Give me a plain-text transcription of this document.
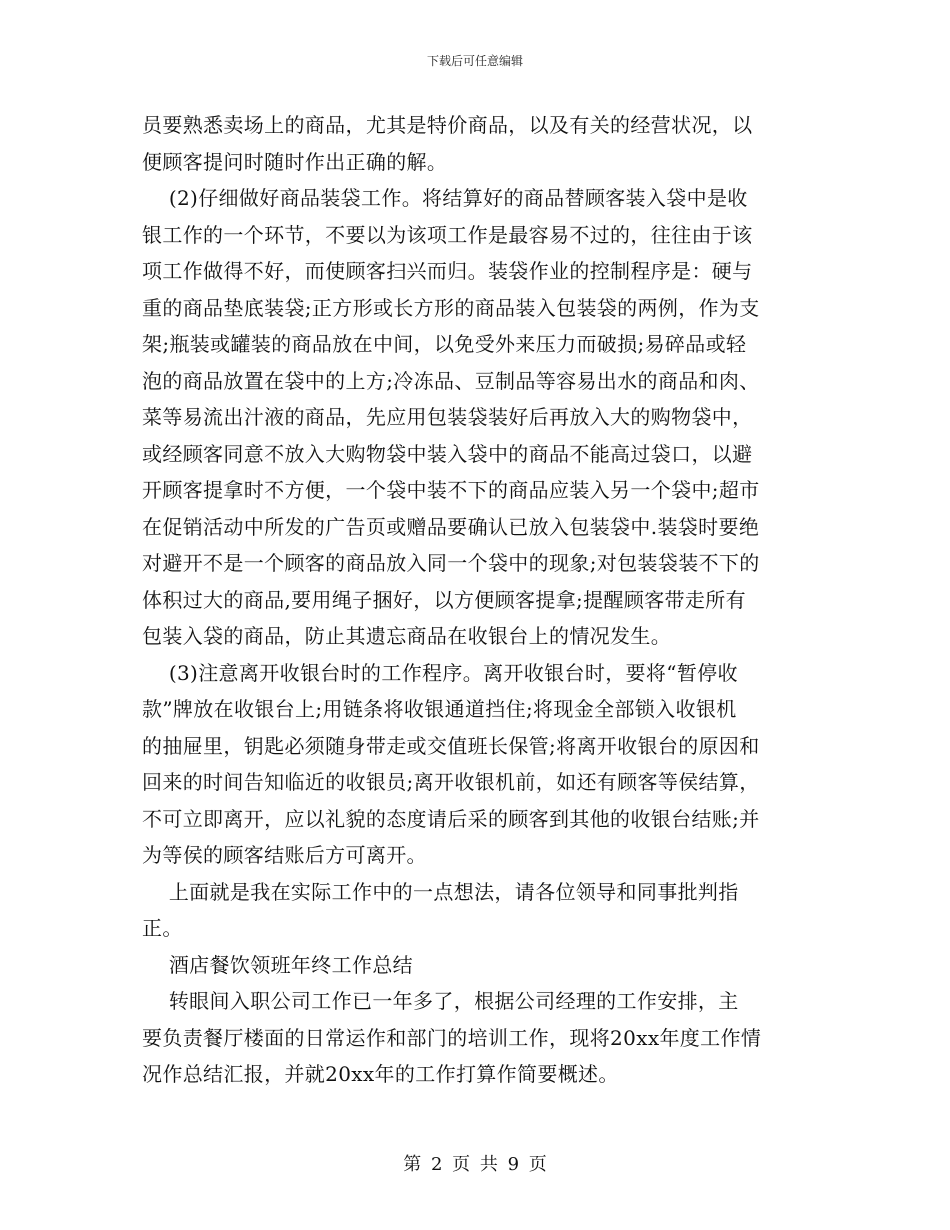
下载后可任意编辑
员要熟悉卖场上的商品，尤其是特价商品，以及有关的经营状况，以
便顾客提问时随时作出正确的解。
(2)仔细做好商品装袋工作。将结算好的商品替顾客装入袋中是收
银工作的一个环节，不要以为该项工作是最容易不过的，往往由于该
项工作做得不好，而使顾客扫兴而归。装袋作业的控制程序是：硬与
重的商品垫底装袋;正方形或长方形的商品装入包装袋的两例，作为支
架;瓶装或罐装的商品放在中间，以免受外来压力而破损;易碎品或轻
泡的商品放置在袋中的上方;冷冻品、豆制品等容易出水的商品和肉、
菜等易流出汁液的商品，先应用包装袋装好后再放入大的购物袋中，
或经顾客同意不放入大购物袋中装入袋中的商品不能高过袋口，以避
开顾客提拿时不方便，一个袋中装不下的商品应装入另一个袋中;超市
在促销活动中所发的广告页或赠品要确认已放入包装袋中.装袋时要绝
对避开不是一个顾客的商品放入同一个袋中的现象;对包装袋装不下的
体积过大的商品,要用绳子捆好，以方便顾客提拿;提醒顾客带走所有
包装入袋的商品，防止其遗忘商品在收银台上的情况发生。
(3)注意离开收银台时的工作程序。离开收银台时，要将“暂停收
款”牌放在收银台上;用链条将收银通道挡住;将现金全部锁入收银机
的抽屉里，钥匙必须随身带走或交值班长保管;将离开收银台的原因和
回来的时间告知临近的收银员;离开收银机前，如还有顾客等侯结算，
不可立即离开，应以礼貌的态度请后采的顾客到其他的收银台结账;并
为等侯的顾客结账后方可离开。
上面就是我在实际工作中的一点想法，请各位领导和同事批判指
正。
酒店餐饮领班年终工作总结
转眼间入职公司工作已一年多了，根据公司经理的工作安排，主
要负责餐厅楼面的日常运作和部门的培训工作，现将20xx年度工作情
况作总结汇报，并就20xx年的工作打算作简要概述。
第 2 页 共 9 页
